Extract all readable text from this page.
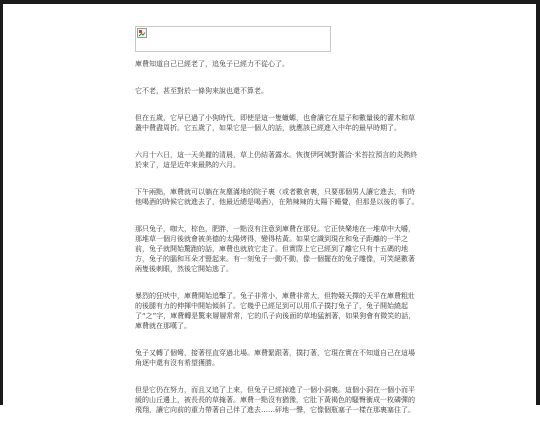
庫費知道自己已經老了，追兔子已經力不從心了。

它不老，甚至對於一條狗來說也還不算老。

但在五歲，它早已過了小狗時代，即使是這一隻蠟螈，也會讓它在屋子和數量後的灌木和草叢中費盡周折。它五歲了，如果它是一個人的話，就應該已經進入中年的最早時期了。

六月十六日，這一天美麗的清晨，草上仍結著露水。恢復伊阿姨對薔洽·米苔拉預言的炎熱終於來了，這是近年來最熱的六月。

下午兩點，庫費就可以躺在灰塵滿地的院子裏（或者數倉裏，只要那個男人讓它進去，有時他喝酒的時候它就進去了，他最近總是喝酒），在熱辣辣的太陽下睡覺，但那是以後的事了。

那只兔子，咖大，棕色，肥胖，一點沒有注意到庫費在那兒。它正快樂地在一堆草中大嚼，那堆草一個月後就會被美德的太陽烤得，變得枯黃。如果它識到現在和兔子距離的一半之前，兔子就開始驚跑的話，庫費也就放它走了。但實際上它已經到了離它只有十五碼的地方，兔子的腦和耳朵才豎起來。有一刻兔子一動不動，像一個擺在的兔子雕像，可笑絕數著兩隻後刺眼，然後它開始逃了。

暴烈的狂吠中，庫費開始追擊了。兔子非常小，庫費非常大，但物競天擇的天平在庫費粗壯的後腿有力的伸揮中開始傾斜了。它幾乎已經足到可以用爪子撲打兔子了，兔子開始繞起了“之”字，庫費轉是驚來層層常常，它的爪子向後面的草地猛割著，如果狗會有微笑的話，庫費就在那嘆了。

兔子又轉了個彎，接著徑直穿過北場。庫費緊跟著，撲打著，它現在實在不知道自己在這場角逐中還有沒有希望獲勝。

但是它仍在努力，而且又追了上來，但兔子已經掉進了一個小洞裏。這個小洞在一個小而平緩的山丘邊上，被長長的草掩著。庫費一點沒有猶豫，它肚下黃褐色的騷臀衝成一枚磷彈的飛翔，讓它向前的重力帶著自己伴了進去……砰地一聲，它像個瓶塞子一樣在那裏塞住了。
